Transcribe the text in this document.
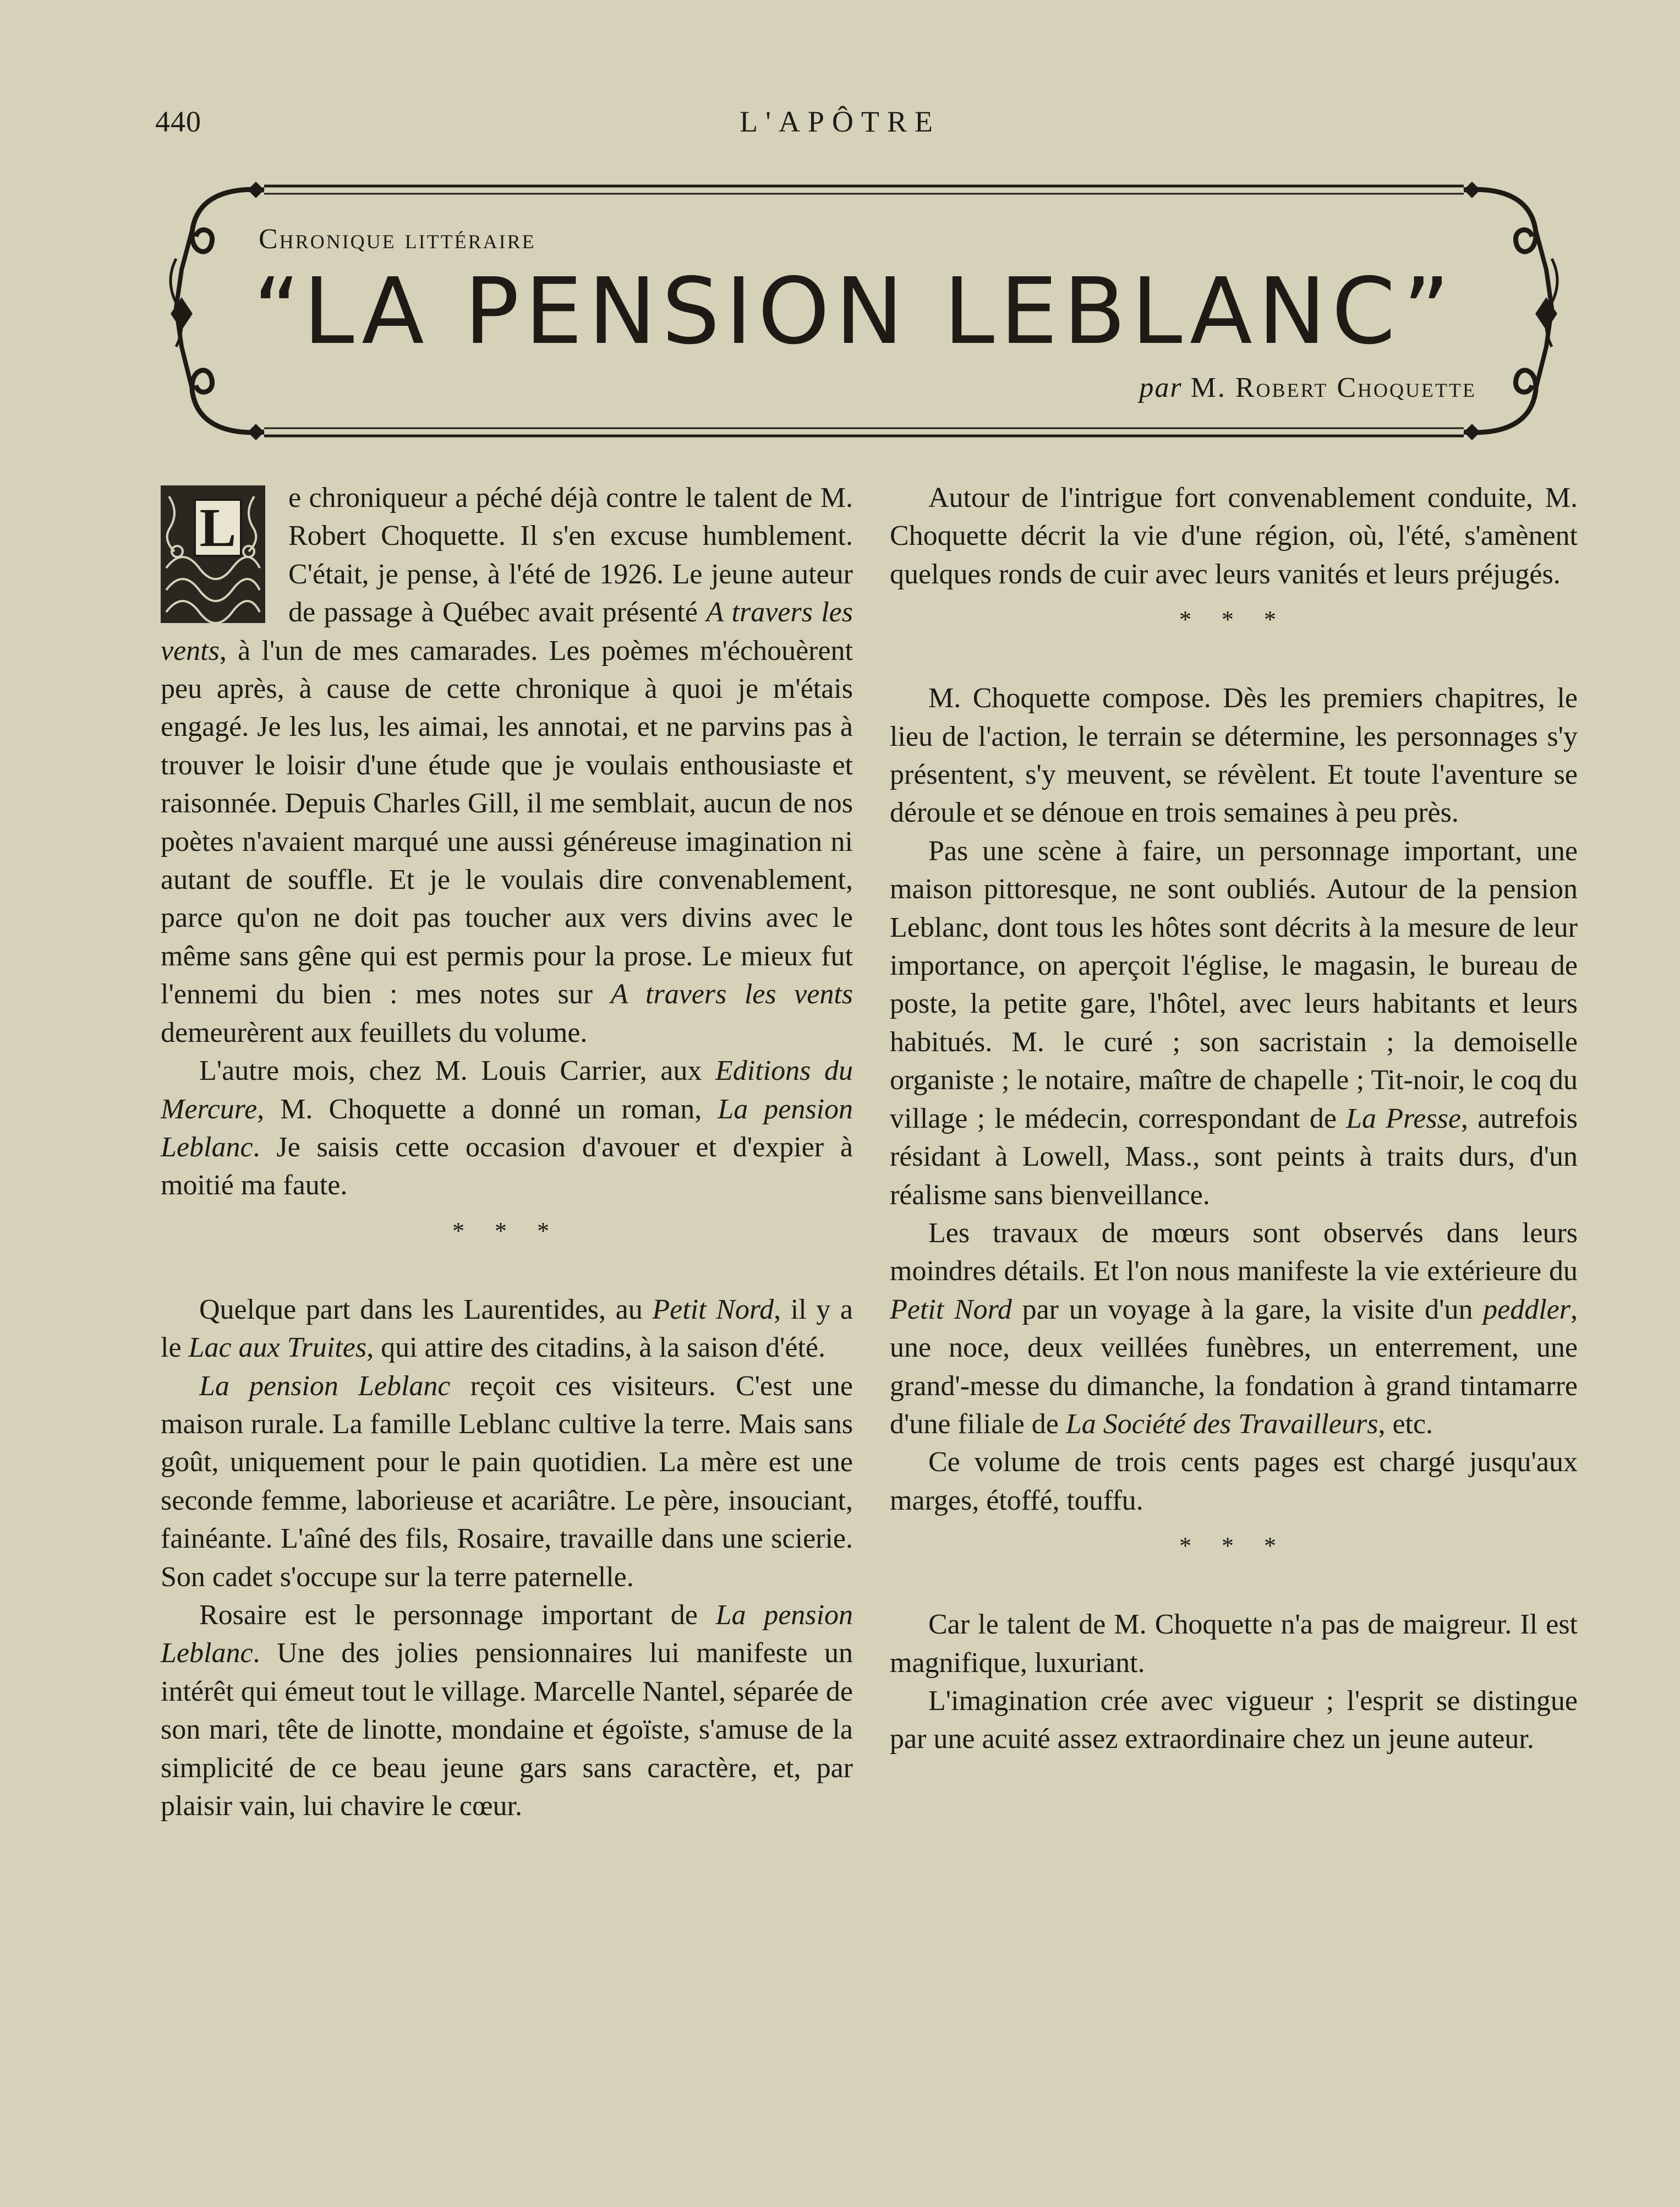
440	L'APÔTRE
Chronique littéraire
“LA PENSION LEBLANC”
par M. Robert Choquette

L e chroniqueur a péché déjà contre le talent de M. Robert Choquette. Il s'en excuse humblement. C'était, je pense, à l'été de 1926. Le jeune auteur de passage à Québec avait présenté A travers les vents, à l'un de mes camarades. Les poèmes m'échouèrent peu après, à cause de cette chronique à quoi je m'étais engagé. Je les lus, les aimai, les annotai, et ne parvins pas à trouver le loisir d'une étude que je voulais enthousiaste et raisonnée. Depuis Charles Gill, il me semblait, aucun de nos poètes n'avaient marqué une aussi généreuse imagination ni autant de souffle. Et je le voulais dire convenablement, parce qu'on ne doit pas toucher aux vers divins avec le même sans gêne qui est permis pour la prose. Le mieux fut l'ennemi du bien : mes notes sur A travers les vents demeurèrent aux feuillets du volume.

L'autre mois, chez M. Louis Carrier, aux Editions du Mercure, M. Choquette a donné un roman, La pension Leblanc. Je saisis cette occasion d'avouer et d'expier à moitié ma faute.

* * *

Quelque part dans les Laurentides, au Petit Nord, il y a le Lac aux Truites, qui attire des citadins, à la saison d'été.

La pension Leblanc reçoit ces visiteurs. C'est une maison rurale. La famille Leblanc cultive la terre. Mais sans goût, uniquement pour le pain quotidien. La mère est une seconde femme, laborieuse et acariâtre. Le père, insouciant, fainéante. L'aîné des fils, Rosaire, travaille dans une scierie. Son cadet s'occupe sur la terre paternelle.

Rosaire est le personnage important de La pension Leblanc. Une des jolies pensionnaires lui manifeste un intérêt qui émeut tout le village. Marcelle Nantel, séparée de son mari, tête de linotte, mondaine et égoïste, s'amuse de la simplicité de ce beau jeune gars sans caractère, et, par plaisir vain, lui chavire le cœur.

Autour de l'intrigue fort convenablement conduite, M. Choquette décrit la vie d'une région, où, l'été, s'amènent quelques ronds de cuir avec leurs vanités et leurs préjugés.

* * *

M. Choquette compose. Dès les premiers chapitres, le lieu de l'action, le terrain se détermine, les personnages s'y présentent, s'y meuvent, se révèlent. Et toute l'aventure se déroule et se dénoue en trois semaines à peu près.

Pas une scène à faire, un personnage important, une maison pittoresque, ne sont oubliés. Autour de la pension Leblanc, dont tous les hôtes sont décrits à la mesure de leur importance, on aperçoit l'église, le magasin, le bureau de poste, la petite gare, l'hôtel, avec leurs habitants et leurs habitués. M. le curé ; son sacristain ; la demoiselle organiste ; le notaire, maître de chapelle ; Tit-noir, le coq du village ; le médecin, correspondant de La Presse, autrefois résidant à Lowell, Mass., sont peints à traits durs, d'un réalisme sans bienveillance.

Les travaux de mœurs sont observés dans leurs moindres détails. Et l'on nous manifeste la vie extérieure du Petit Nord par un voyage à la gare, la visite d'un peddler, une noce, deux veillées funèbres, un enterrement, une grand'-messe du dimanche, la fondation à grand tintamarre d'une filiale de La Société des Travailleurs, etc.

Ce volume de trois cents pages est chargé jusqu'aux marges, étoffé, touffu.

* * *

Car le talent de M. Choquette n'a pas de maigreur. Il est magnifique, luxuriant.

L'imagination crée avec vigueur ; l'esprit se distingue par une acuité assez extraordinaire chez un jeune auteur.
